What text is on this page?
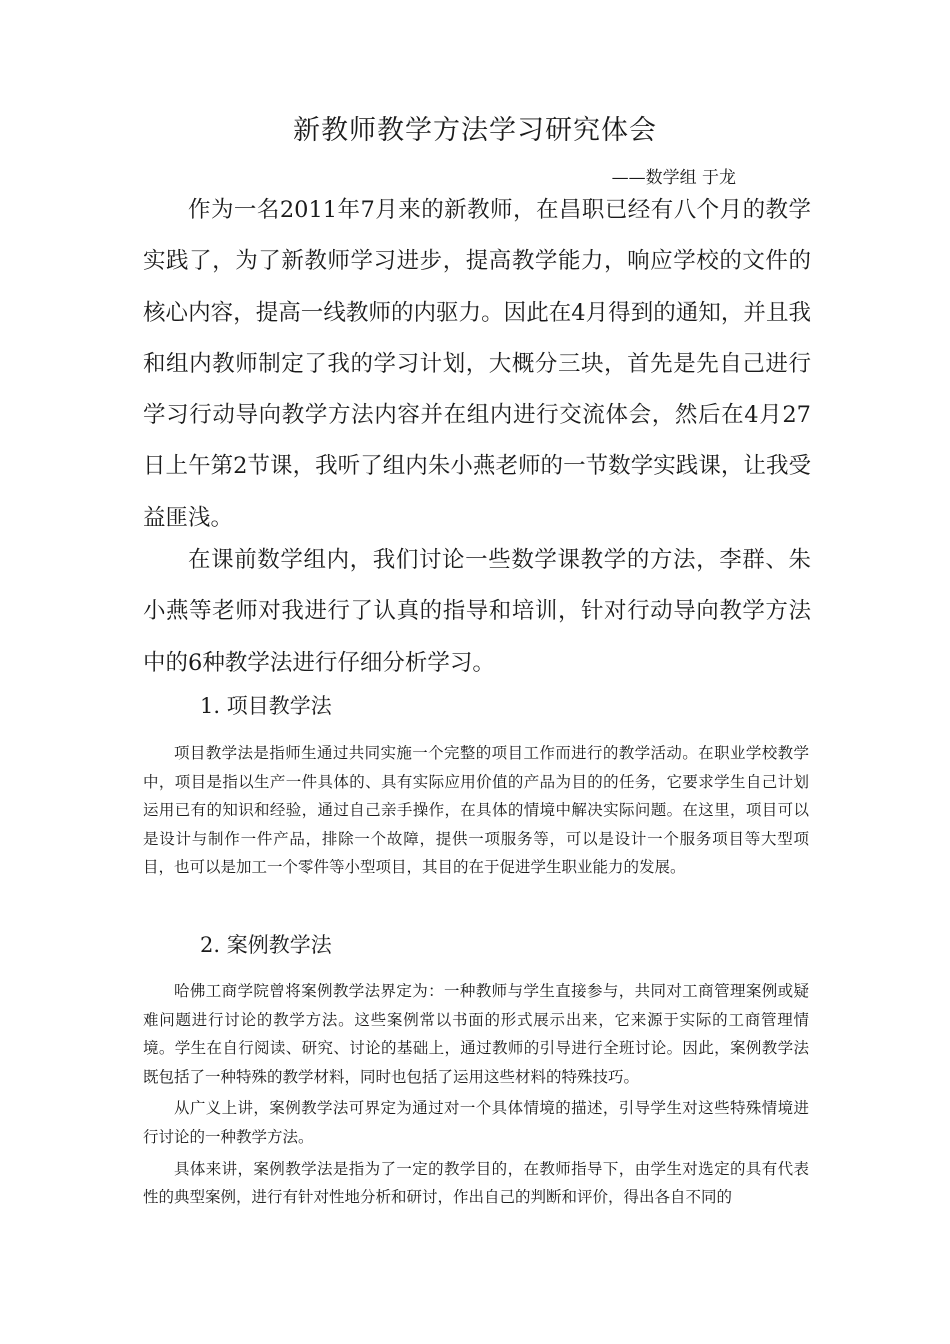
新教师教学方法学习研究体会
——数学组 于龙

作为一名2011年7月来的新教师，在昌职已经有八个月的教学实践了，为了新教师学习进步，提高教学能力，响应学校的文件的核心内容，提高一线教师的内驱力。因此在4月得到的通知，并且我和组内教师制定了我的学习计划，大概分三块，首先是先自己进行学习行动导向教学方法内容并在组内进行交流体会，然后在4月27日上午第2节课，我听了组内朱小燕老师的一节数学实践课，让我受益匪浅。

在课前数学组内，我们讨论一些数学课教学的方法，李群、朱小燕等老师对我进行了认真的指导和培训，针对行动导向教学方法中的6种教学法进行仔细分析学习。

1. 项目教学法

项目教学法是指师生通过共同实施一个完整的项目工作而进行的教学活动。在职业学校教学中，项目是指以生产一件具体的、具有实际应用价值的产品为目的的任务，它要求学生自己计划运用已有的知识和经验，通过自己亲手操作，在具体的情境中解决实际问题。在这里，项目可以是设计与制作一件产品，排除一个故障，提供一项服务等，可以是设计一个服务项目等大型项目，也可以是加工一个零件等小型项目，其目的在于促进学生职业能力的发展。

2. 案例教学法

哈佛工商学院曾将案例教学法界定为：一种教师与学生直接参与，共同对工商管理案例或疑难问题进行讨论的教学方法。这些案例常以书面的形式展示出来，它来源于实际的工商管理情境。学生在自行阅读、研究、讨论的基础上，通过教师的引导进行全班讨论。因此，案例教学法既包括了一种特殊的教学材料，同时也包括了运用这些材料的特殊技巧。

从广义上讲，案例教学法可界定为通过对一个具体情境的描述，引导学生对这些特殊情境进行讨论的一种教学方法。

具体来讲，案例教学法是指为了一定的教学目的，在教师指导下，由学生对选定的具有代表性的典型案例，进行有针对性地分析和研讨，作出自己的判断和评价，得出各自不同的
